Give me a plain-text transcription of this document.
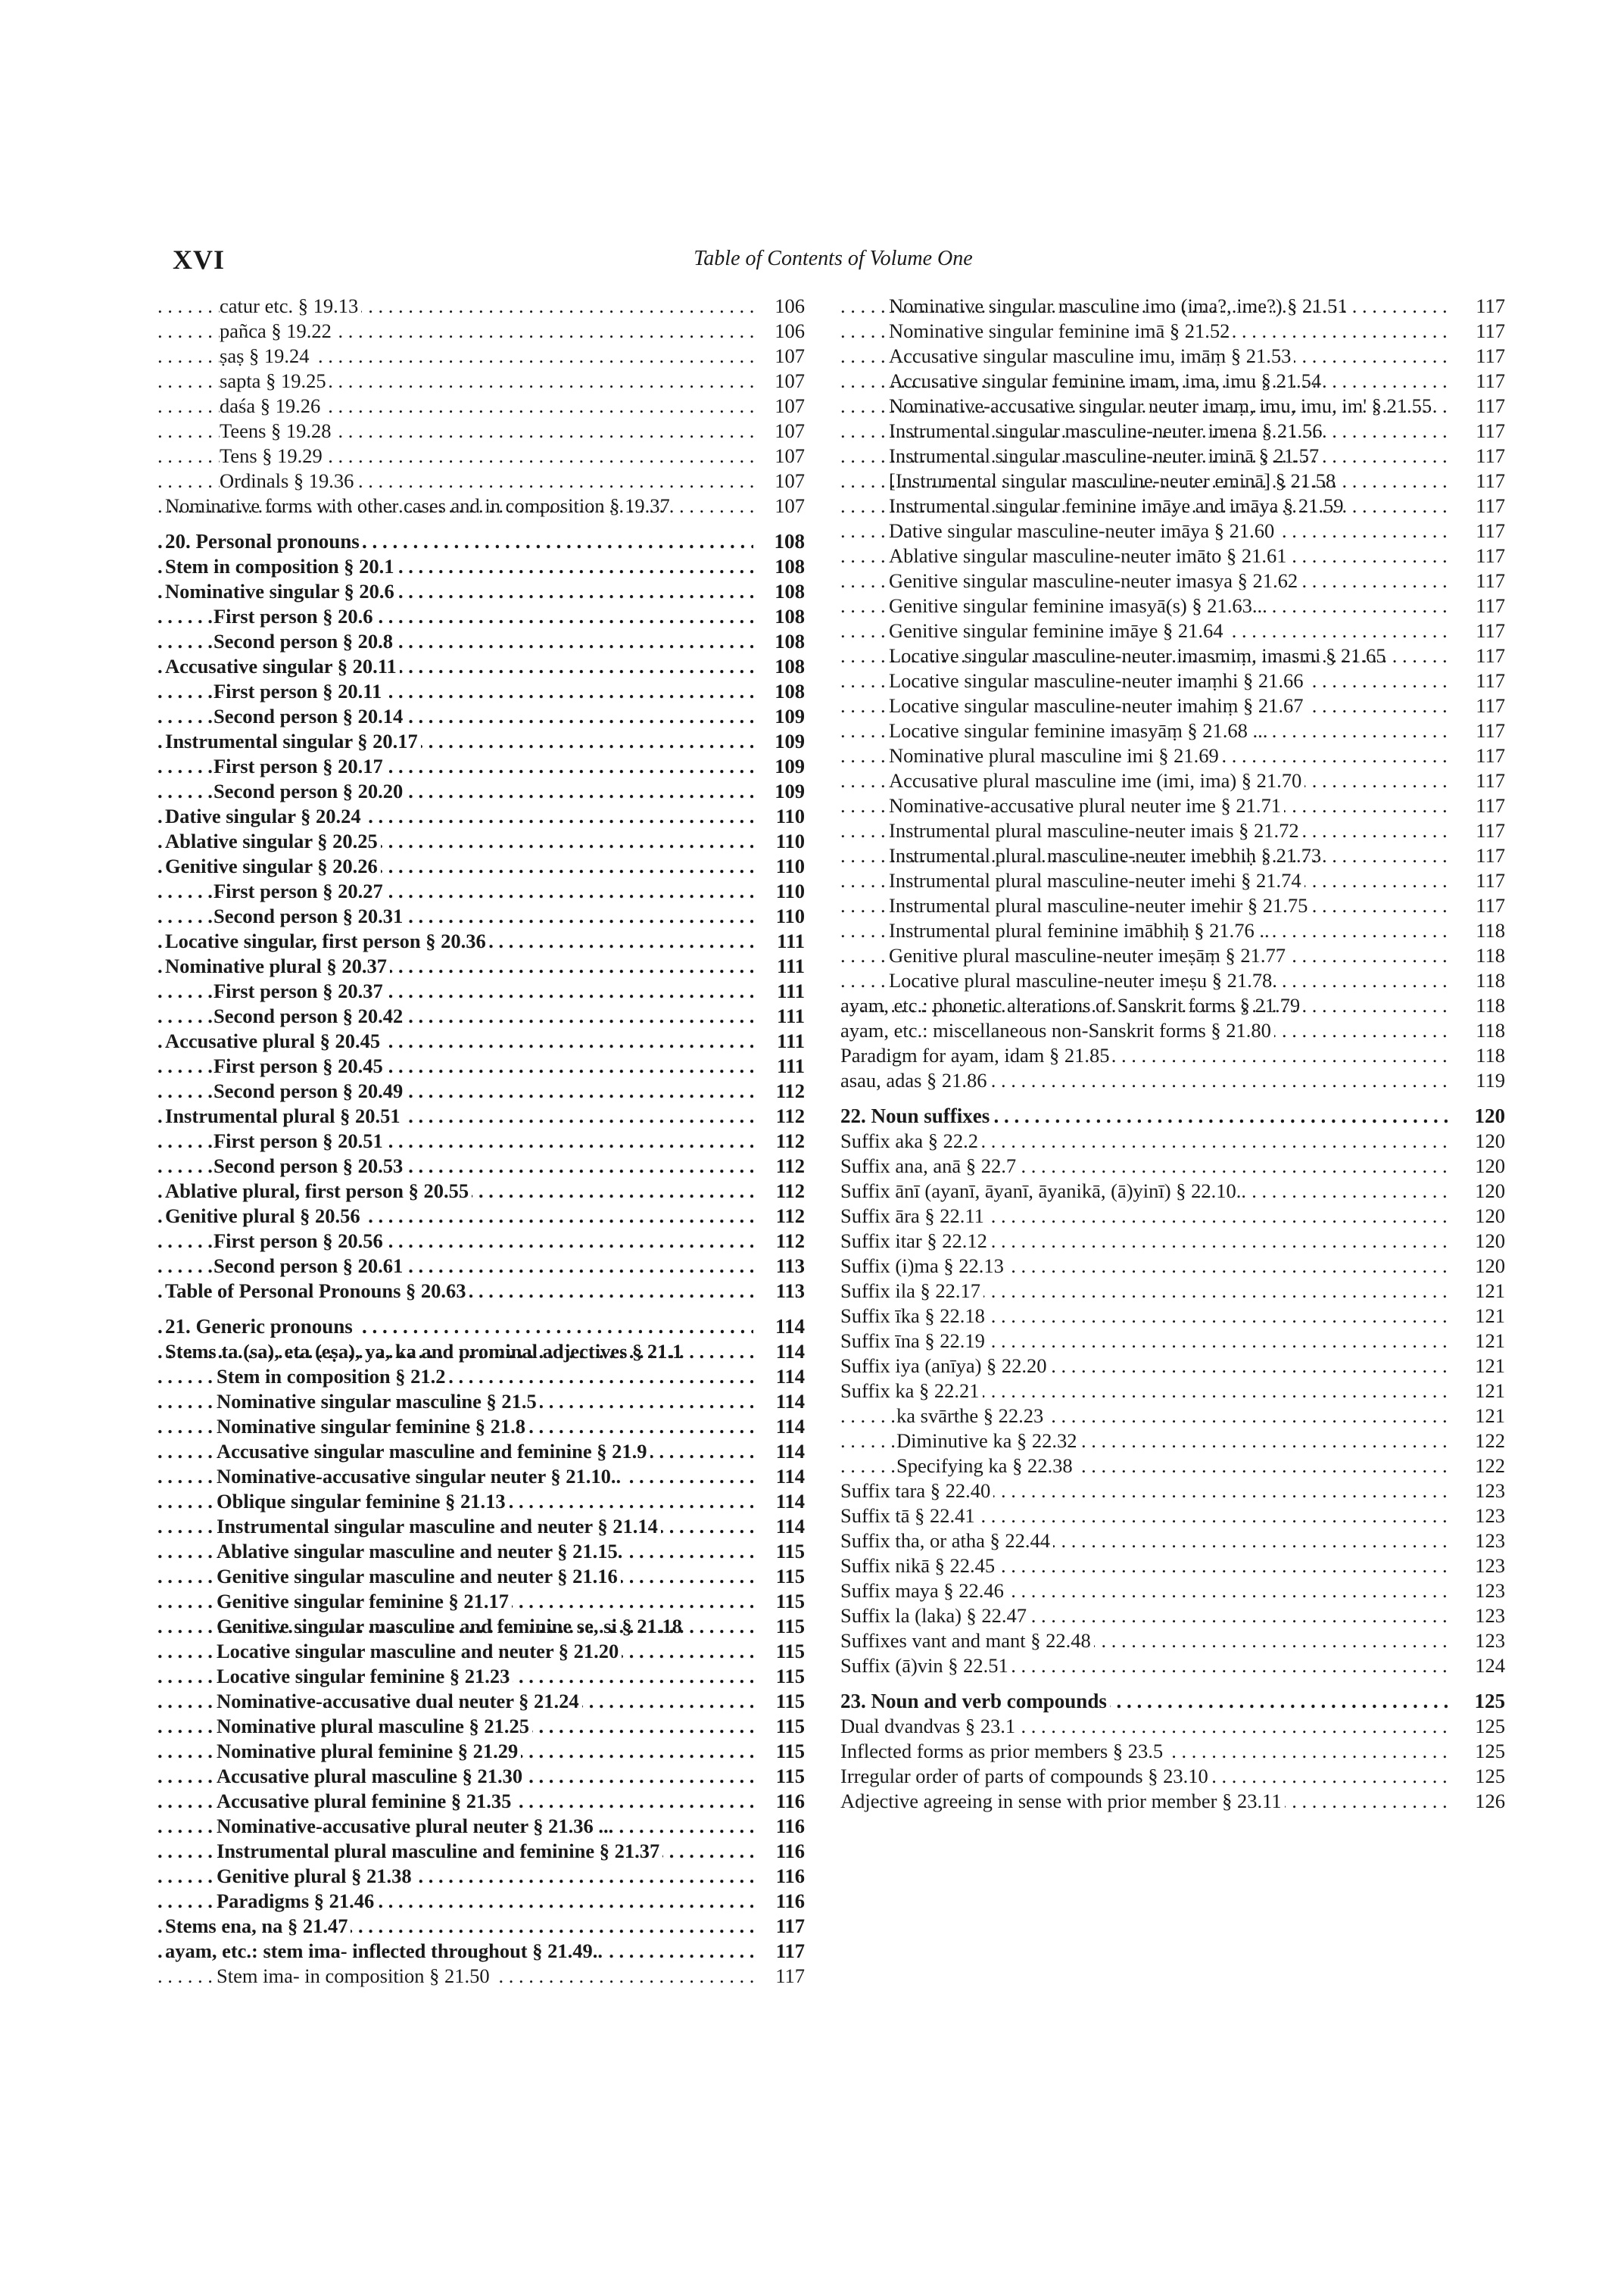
XVI	Table of Contents of Volume One
catur etc. § 19.13	106
. . .
pañca § 19.22	106
. . .
ṣaṣ § 19.24	107
. . .
sapta § 19.25	107
. . .
daśa § 19.26	107
. . .
Teens § 19.28	107
. . .
Tens § 19.29	107
. . .
Ordinals § 19.36	107
. . .
Nominative forms with other cases and in composition § 19.37	107
. . .
20. Personal pronouns	108
. . .
Stem in composition § 20.1	108
. . .
Nominative singular § 20.6	108
. . .
First person § 20.6	108
. . .
Second person § 20.8	108
. . .
Accusative singular § 20.11	108
. . .
First person § 20.11	108
. . .
Second person § 20.14	109
. . .
Instrumental singular § 20.17	109
. . .
First person § 20.17	109
. . .
Second person § 20.20	109
. . .
Dative singular § 20.24	110
. . .
Ablative singular § 20.25	110
. . .
Genitive singular § 20.26	110
. . .
First person § 20.27	110
. . .
Second person § 20.31	110
. . .
Locative singular, first person § 20.36	111
. . .
Nominative plural § 20.37	111
. . .
First person § 20.37	111
. . .
Second person § 20.42	111
. . .
Accusative plural § 20.45	111
. . .
First person § 20.45	111
. . .
Second person § 20.49	112
. . .
Instrumental plural § 20.51	112
. . .
First person § 20.51	112
. . .
Second person § 20.53	112
. . .
Ablative plural, first person § 20.55	112
. . .
Genitive plural § 20.56	112
. . .
First person § 20.56	112
. . .
Second person § 20.61	113
. . .
Table of Personal Pronouns § 20.63	113
. . .
21. Generic pronouns	114
. . .
Stems ta (sa), eta (eṣa), ya, ka and prominal adjectives § 21.1	114
. . .
Stem in composition § 21.2	114
. . .
Nominative singular masculine § 21.5	114
. . .
Nominative singular feminine § 21.8	114
. . .
Accusative singular masculine and feminine § 21.9	114
. . .
Nominative-accusative singular neuter § 21.10..	114
. . .
Oblique singular feminine § 21.13	114
. . .
Instrumental singular masculine and neuter § 21.14	114
. . .
Ablative singular masculine and neuter § 21.15.	115
. . .
Genitive singular masculine and neuter § 21.16	115
. . .
Genitive singular feminine § 21.17	115
. . .
Genitive singular masculine and feminine se, si § 21.18	115
. . .
Locative singular masculine and neuter § 21.20	115
. . .
Locative singular feminine § 21.23	115
. . .
Nominative-accusative dual neuter § 21.24	115
. . .
Nominative plural masculine § 21.25	115
. . .
Nominative plural feminine § 21.29	115
. . .
Accusative plural masculine § 21.30	115
. . .
Accusative plural feminine § 21.35	116
. . .
Nominative-accusative plural neuter § 21.36 ...	116
. . .
Instrumental plural masculine and feminine § 21.37	116
. . .
Genitive plural § 21.38	116
. . .
Paradigms § 21.46	116
. . .
Stems ena, na § 21.47	117
. . .
ayam, etc.: stem ima- inflected throughout § 21.49..	117
. . .
Stem ima- in composition § 21.50	117
. . .
Nominative singular masculine imo (ima?, ime?) § 21.51	117
. . .
Nominative singular feminine imā § 21.52	117
. . .
Accusative singular masculine imu, imāṃ § 21.53	117
. . .
Accusative singular feminine imam, ima, imu § 21.54	117
. . .
Nominative-accusative singular neuter imaṃ, imu, imu, im' § 21.55	117
. . .
Instrumental singular masculine-neuter imena § 21.56	117
. . .
Instrumental singular masculine-neuter iminā § 21.57	117
. . .
[Instrumental singular masculine-neuter eminā] § 21.58	117
. . .
Instrumental singular feminine imāye and imāya § 21.59	117
. . .
Dative singular masculine-neuter imāya § 21.60	117
. . .
Ablative singular masculine-neuter imāto § 21.61	117
. . .
Genitive singular masculine-neuter imasya § 21.62	117
. . .
Genitive singular feminine imasyā(s) § 21.63...	117
. . .
Genitive singular feminine imāye § 21.64	117
. . .
Locative singular masculine-neuter imasmiṃ, imasmi § 21.65	117
. . .
Locative singular masculine-neuter imaṃhi § 21.66	117
. . .
Locative singular masculine-neuter imahiṃ § 21.67	117
. . .
Locative singular feminine imasyāṃ § 21.68 ...	117
. . .
Nominative plural masculine imi § 21.69	117
. . .
Accusative plural masculine ime (imi, ima) § 21.70	117
. . .
Nominative-accusative plural neuter ime § 21.71	117
. . .
Instrumental plural masculine-neuter imais § 21.72	117
. . .
Instrumental plural masculine-neuter imebhiḥ § 21.73	117
. . .
Instrumental plural masculine-neuter imehi § 21.74	117
. . .
Instrumental plural masculine-neuter imehir § 21.75	117
. . .
Instrumental plural feminine imābhiḥ § 21.76 ..	118
. . .
Genitive plural masculine-neuter imeṣāṃ § 21.77	118
. . .
Locative plural masculine-neuter imeṣu § 21.78.	118
. . .
ayam, etc.: phonetic alterations of Sanskrit forms § 21.79	118
. . .
ayam, etc.: miscellaneous non-Sanskrit forms § 21.80	118
. . .
Paradigm for ayam, idam § 21.85	118
. . .
asau, adas § 21.86	119
. . .
22. Noun suffixes	120
. . .
Suffix aka § 22.2	120
. . .
Suffix ana, anā § 22.7	120
. . .
Suffix ānī (ayanī, āyanī, āyanikā, (ā)yinī) § 22.10..	120
. . .
Suffix āra § 22.11	120
. . .
Suffix itar § 22.12	120
. . .
Suffix (i)ma § 22.13	120
. . .
Suffix ila § 22.17	121
. . .
Suffix īka § 22.18	121
. . .
Suffix īna § 22.19	121
. . .
Suffix iya (anīya) § 22.20	121
. . .
Suffix ka § 22.21	121
. . .
ka svārthe § 22.23	121
. . .
Diminutive ka § 22.32	122
. . .
Specifying ka § 22.38	122
. . .
Suffix tara § 22.40	123
. . .
Suffix tā § 22.41	123
. . .
Suffix tha, or atha § 22.44	123
. . .
Suffix nikā § 22.45	123
. . .
Suffix maya § 22.46	123
. . .
Suffix la (laka) § 22.47	123
. . .
Suffixes vant and mant § 22.48	123
. . .
Suffix (ā)vin § 22.51	124
. . .
23. Noun and verb compounds	125
. . .
Dual dvandvas § 23.1	125
. . .
Inflected forms as prior members § 23.5	125
. . .
Irregular order of parts of compounds § 23.10	125
. . .
Adjective agreeing in sense with prior member § 23.11	126
. . .
